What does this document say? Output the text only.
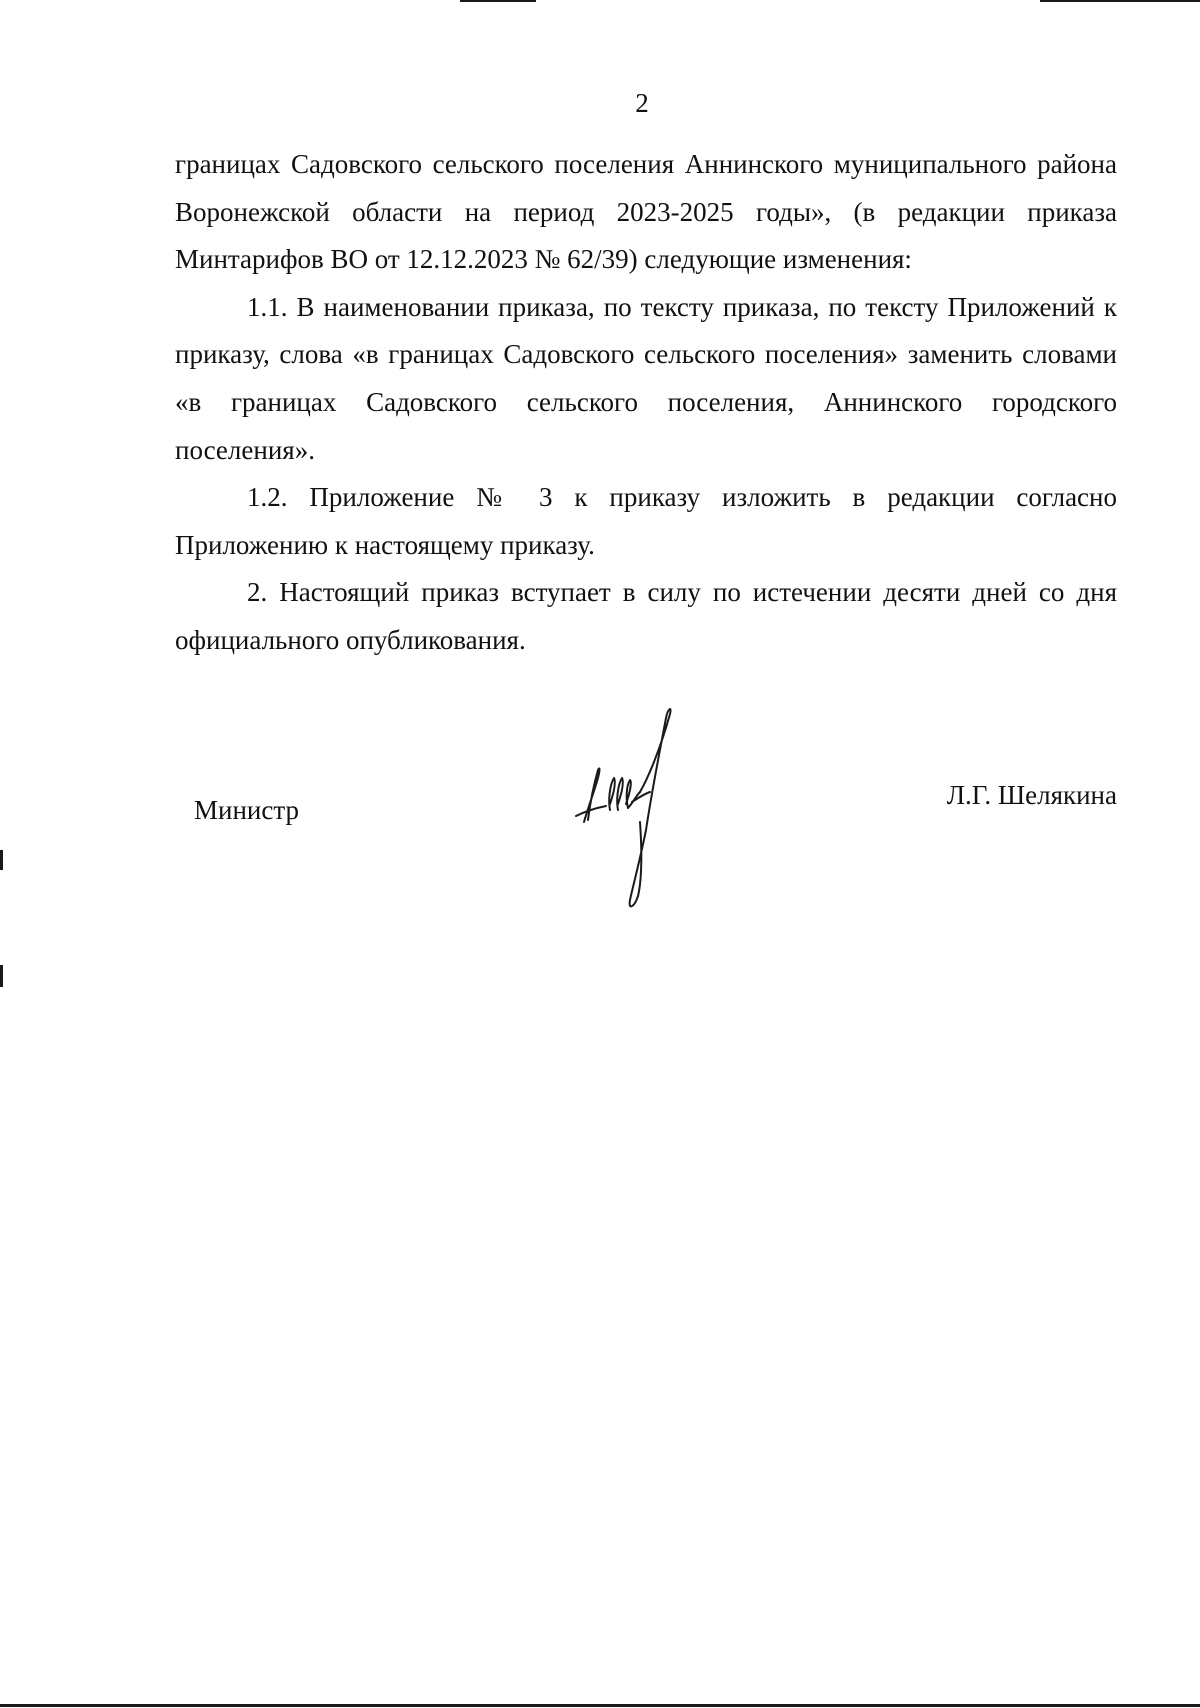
2

границах Садовского сельского поселения Аннинского муниципального района Воронежской области на период 2023-2025 годы», (в редакции приказа Минтарифов ВО от 12.12.2023 № 62/39) следующие изменения:

1.1. В наименовании приказа, по тексту приказа, по тексту Приложений к приказу, слова «в границах Садовского сельского поселения» заменить словами «в границах Садовского сельского поселения, Аннинского городского поселения».

1.2. Приложение № 3 к приказу изложить в редакции согласно Приложению к настоящему приказу.

2. Настоящий приказ вступает в силу по истечении десяти дней со дня официального опубликования.

Министр	Л.Г. Шелякина
